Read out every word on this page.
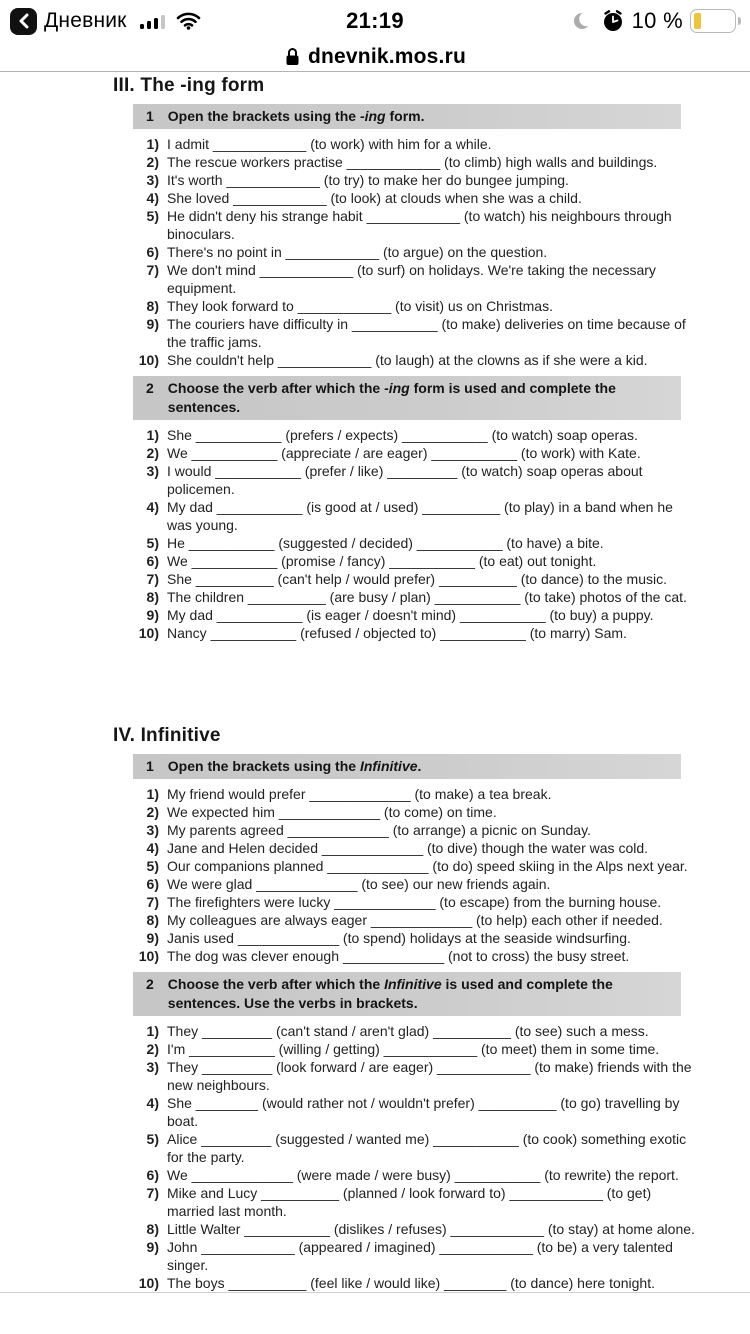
Дневник	21:19	10 %
dnevnik.mos.ru
III. The -ing form
1 Open the brackets using the -ing form.
1) I admit ____________ (to work) with him for a while.
2) The rescue workers practise ____________ (to climb) high walls and buildings.
3) It's worth ____________ (to try) to make her do bungee jumping.
4) She loved ____________ (to look) at clouds when she was a child.
5) He didn't deny his strange habit ____________ (to watch) his neighbours through binoculars.
6) There's no point in ____________ (to argue) on the question.
7) We don't mind ____________ (to surf) on holidays. We're taking the necessary equipment.
8) They look forward to ____________ (to visit) us on Christmas.
9) The couriers have difficulty in ___________ (to make) deliveries on time because of the traffic jams.
10) She couldn't help ____________ (to laugh) at the clowns as if she were a kid.
2 Choose the verb after which the -ing form is used and complete the sentences.
1) She ___________ (prefers / expects) ___________ (to watch) soap operas.
2) We ___________ (appreciate / are eager) ___________ (to work) with Kate.
3) I would ___________ (prefer / like) _________ (to watch) soap operas about policemen.
4) My dad ___________ (is good at / used) __________ (to play) in a band when he was young.
5) He ___________ (suggested / decided) ___________ (to have) a bite.
6) We ___________ (promise / fancy) ___________ (to eat) out tonight.
7) She __________ (can't help / would prefer) __________ (to dance) to the music.
8) The children __________ (are busy / plan) ___________ (to take) photos of the cat.
9) My dad ___________ (is eager / doesn't mind) ___________ (to buy) a puppy.
10) Nancy ___________ (refused / objected to) ___________ (to marry) Sam.
IV. Infinitive
1 Open the brackets using the Infinitive.
1) My friend would prefer _____________ (to make) a tea break.
2) We expected him _____________ (to come) on time.
3) My parents agreed _____________ (to arrange) a picnic on Sunday.
4) Jane and Helen decided _____________ (to dive) though the water was cold.
5) Our companions planned _____________ (to do) speed skiing in the Alps next year.
6) We were glad _____________ (to see) our new friends again.
7) The firefighters were lucky _____________ (to escape) from the burning house.
8) My colleagues are always eager _____________ (to help) each other if needed.
9) Janis used _____________ (to spend) holidays at the seaside windsurfing.
10) The dog was clever enough _____________ (not to cross) the busy street.
2 Choose the verb after which the Infinitive is used and complete the sentences. Use the verbs in brackets.
1) They _________ (can't stand / aren't glad) __________ (to see) such a mess.
2) I'm ___________ (willing / getting) ____________ (to meet) them in some time.
3) They _________ (look forward / are eager) ____________ (to make) friends with the new neighbours.
4) She ________ (would rather not / wouldn't prefer) __________ (to go) travelling by boat.
5) Alice _________ (suggested / wanted me) ___________ (to cook) something exotic for the party.
6) We _____________ (were made / were busy) ___________ (to rewrite) the report.
7) Mike and Lucy __________ (planned / look forward to) ____________ (to get) married last month.
8) Little Walter ___________ (dislikes / refuses) ____________ (to stay) at home alone.
9) John ____________ (appeared / imagined) ____________ (to be) a very talented singer.
10) The boys __________ (feel like / would like) ________ (to dance) here tonight.
